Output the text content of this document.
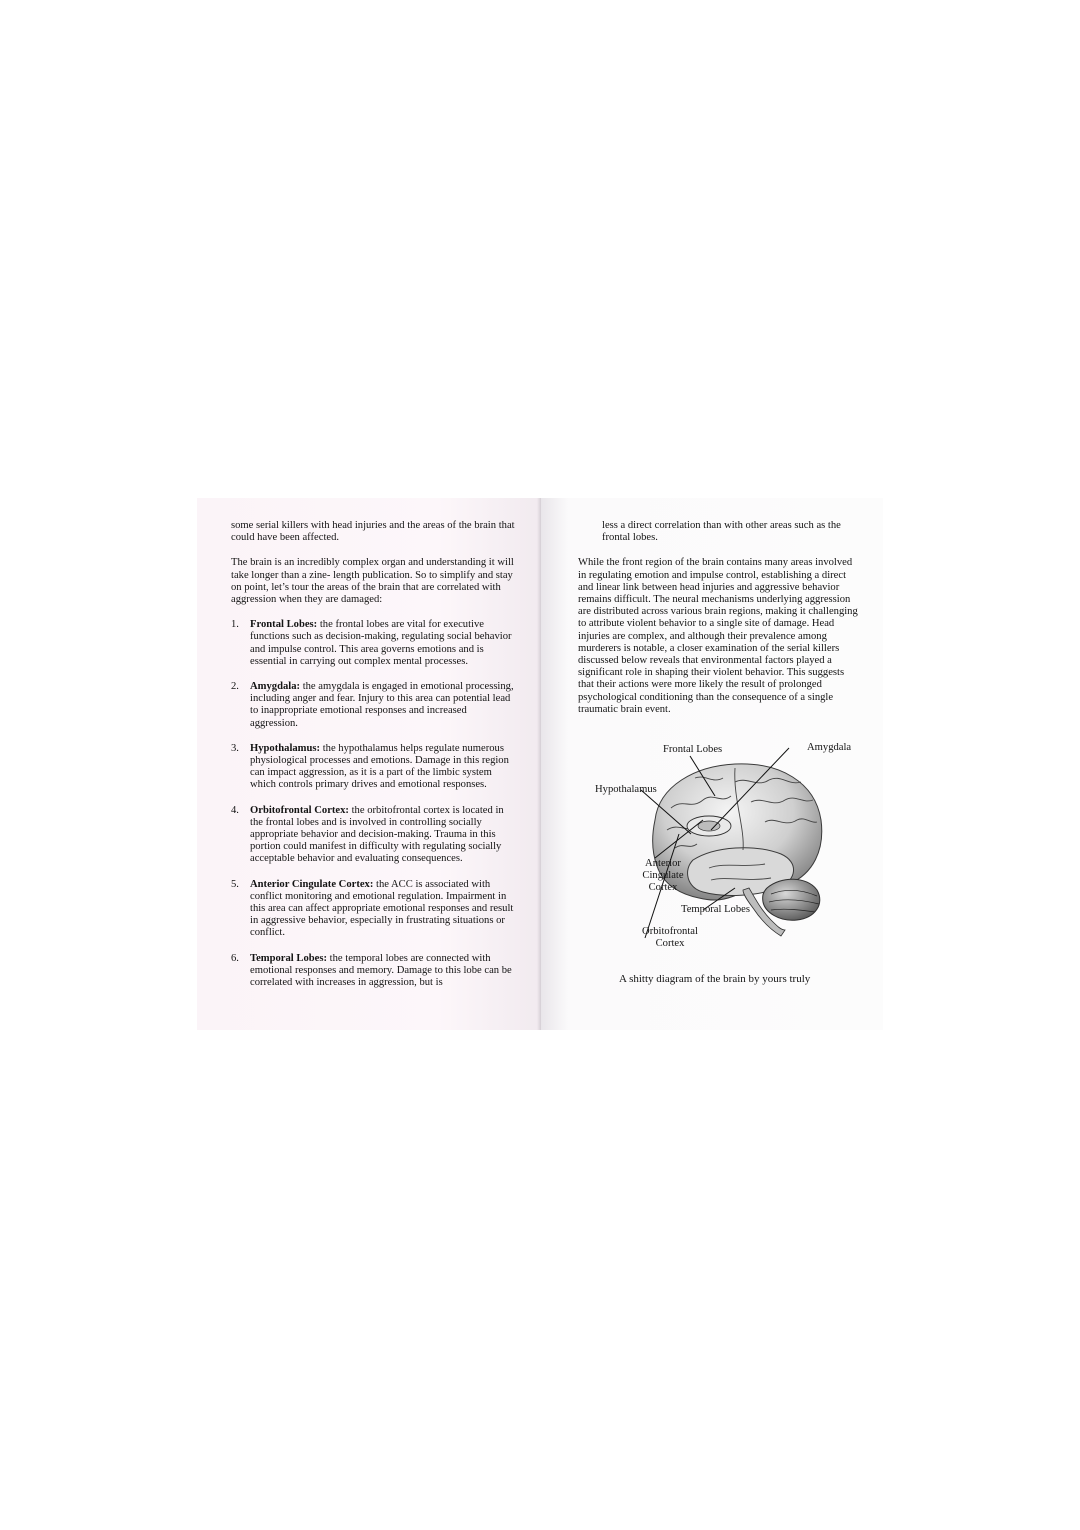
some serial killers with head injuries and the areas of the brain that could have been affected.

The brain is an incredibly complex organ and understanding it will take longer than a zine- length publication. So to simplify and stay on point, let’s tour the areas of the brain that are correlated with aggression when they are damaged:

1. Frontal Lobes: the frontal lobes are vital for executive functions such as decision-making, regulating social behavior and impulse control. This area governs emotions and is essential in carrying out complex mental processes.
2. Amygdala: the amygdala is engaged in emotional processing, including anger and fear. Injury to this area can potential lead to inappropriate emotional responses and increased aggression.
3. Hypothalamus: the hypothalamus helps regulate numerous physiological processes and emotions. Damage in this region can impact aggression, as it is a part of the limbic system which controls primary drives and emotional responses.
4. Orbitofrontal Cortex: the orbitofrontal cortex is located in the frontal lobes and is involved in controlling socially appropriate behavior and decision-making. Trauma in this portion could manifest in difficulty with regulating socially acceptable behavior and evaluating consequences.
5. Anterior Cingulate Cortex: the ACC is associated with conflict monitoring and emotional regulation. Impairment in this area can affect appropriate emotional responses and result in aggressive behavior, especially in frustrating situations or conflict.
6. Temporal Lobes: the temporal lobes are connected with emotional responses and memory. Damage to this lobe can be correlated with increases in aggression, but is

less a direct correlation than with other areas such as the frontal lobes.

While the front region of the brain contains many areas involved in regulating emotion and impulse control, establishing a direct and linear link between head injuries and aggressive behavior remains difficult. The neural mechanisms underlying aggression are distributed across various brain regions, making it challenging to attribute violent behavior to a single site of damage. Head injuries are complex, and although their prevalence among murderers is notable, a closer examination of the serial killers discussed below reveals that environmental factors played a significant role in shaping their violent behavior. This suggests that their actions were more likely the result of prolonged psychological conditioning than the consequence of a single traumatic brain event.

Frontal Lobes	Amygdala
Hypothalamus
Anterior Cingulate Cortex
Temporal Lobes
Orbitofrontal Cortex
A shitty diagram of the brain by yours truly
